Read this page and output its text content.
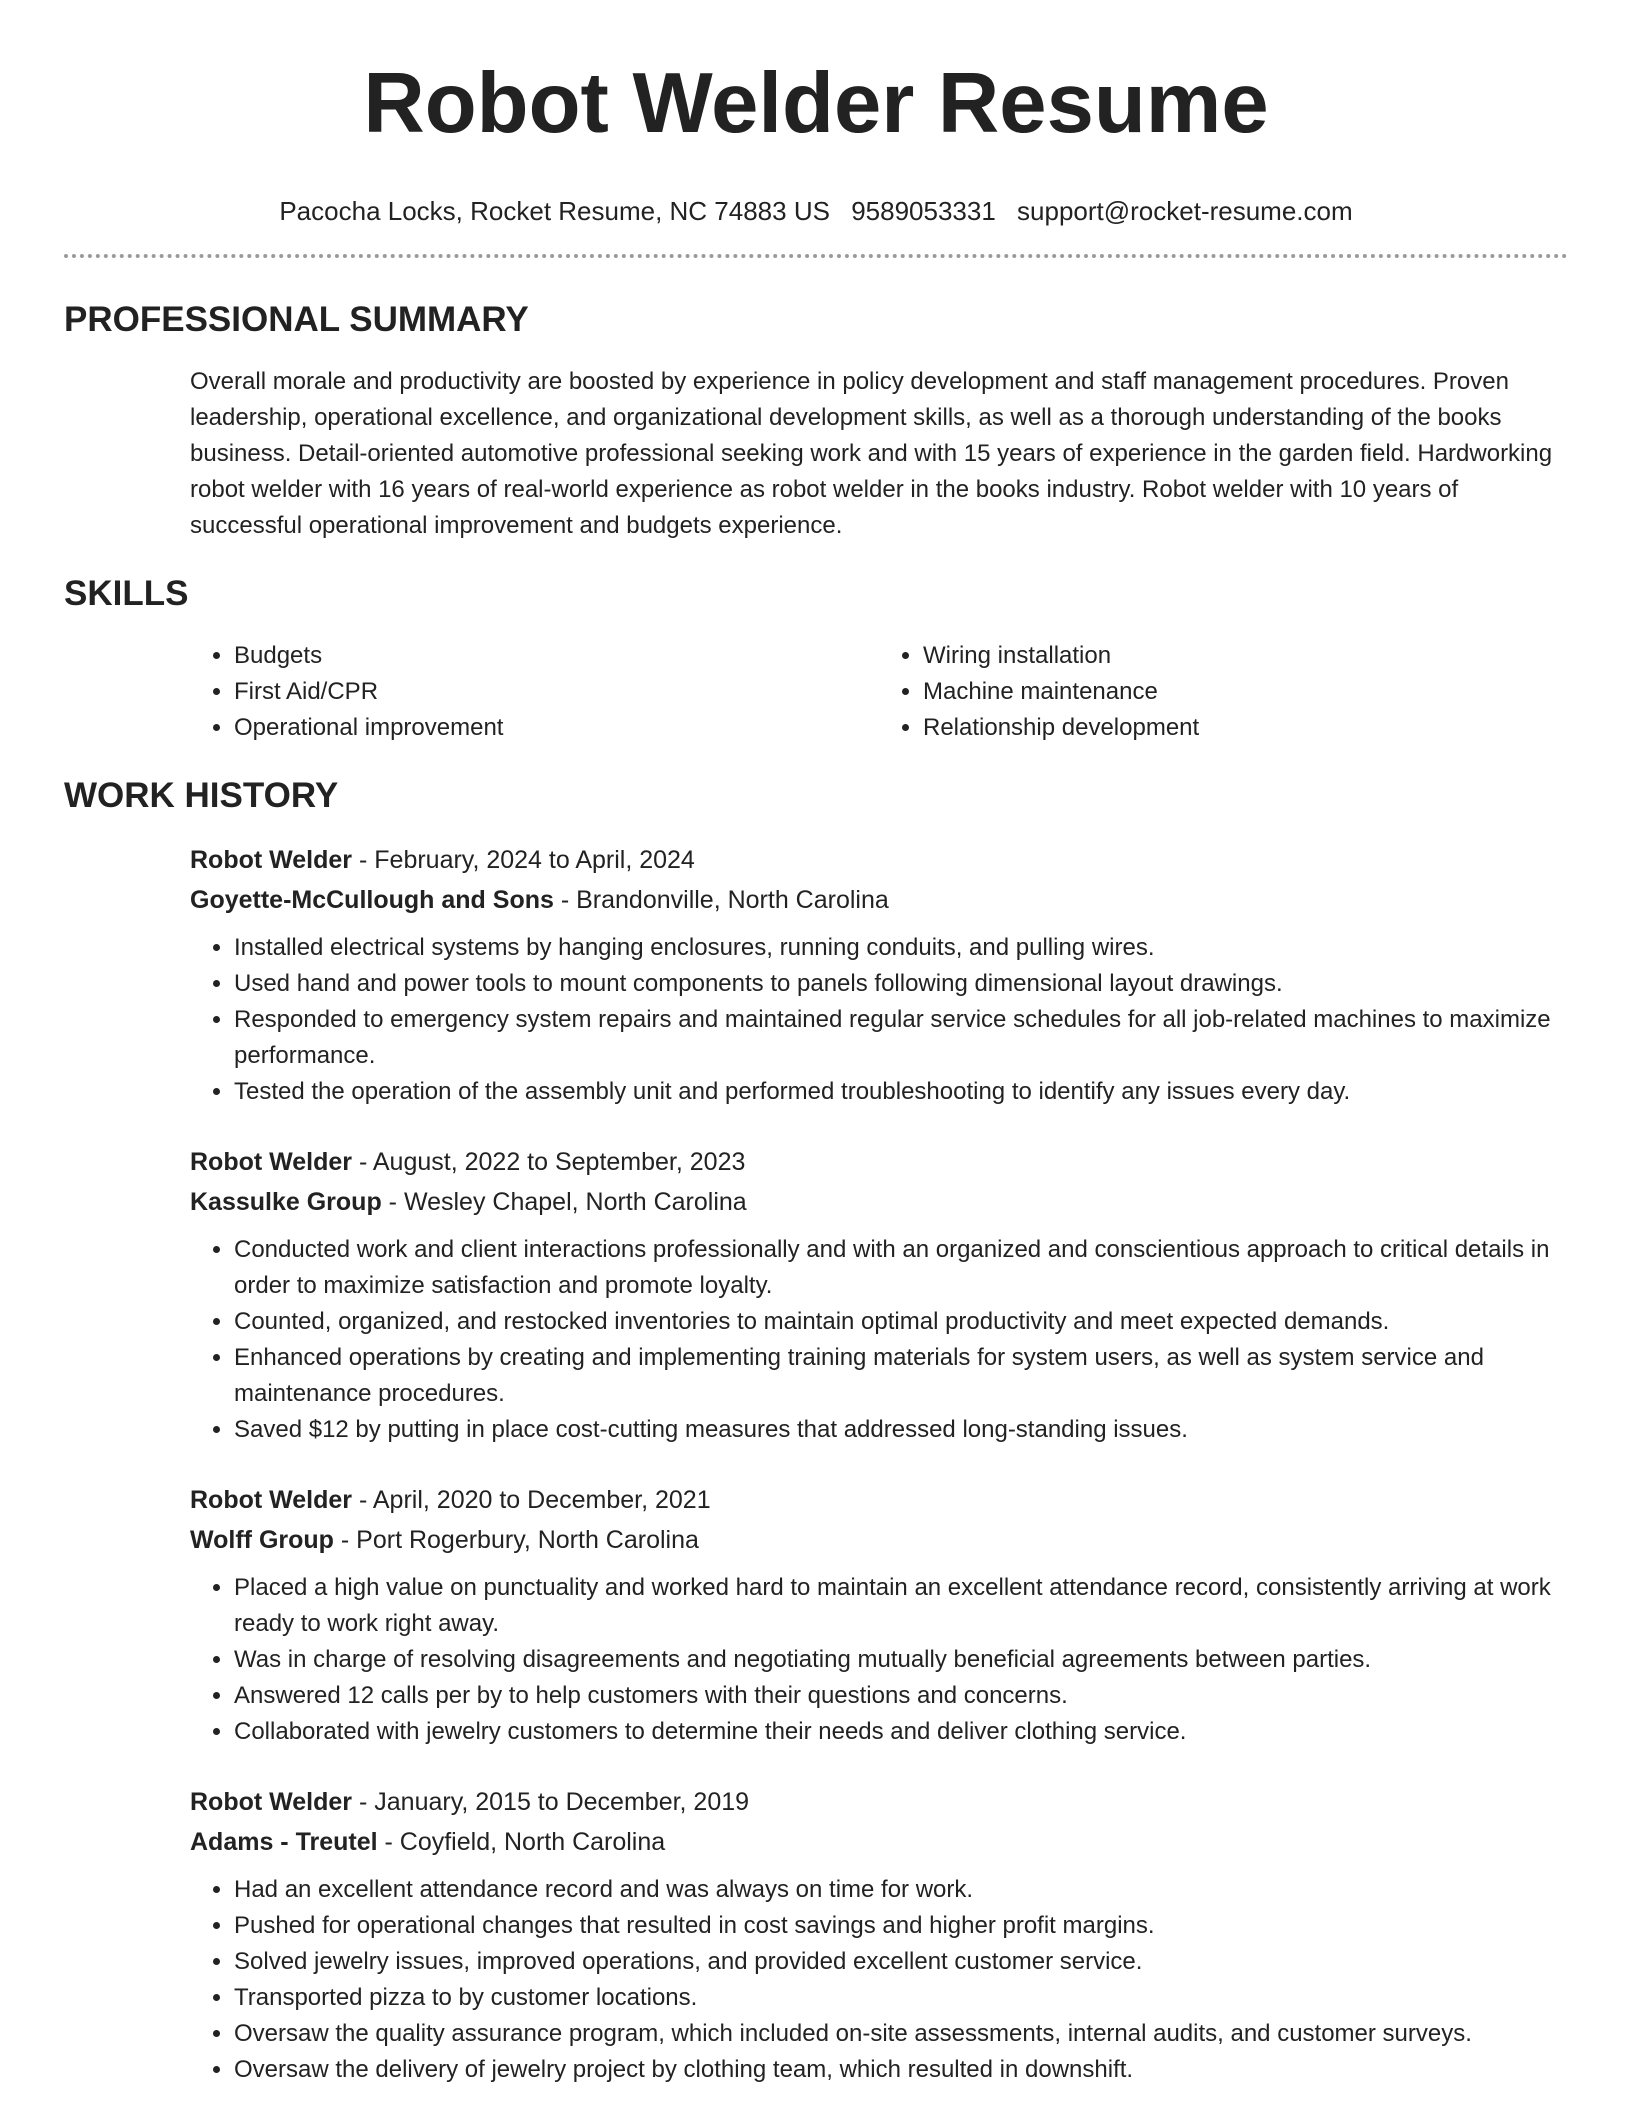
Robot Welder Resume
Pacocha Locks, Rocket Resume, NC 74883 US 9589053331 support@rocket-resume.com
PROFESSIONAL SUMMARY
Overall morale and productivity are boosted by experience in policy development and staff management procedures. Proven leadership, operational excellence, and organizational development skills, as well as a thorough understanding of the books business. Detail-oriented automotive professional seeking work and with 15 years of experience in the garden field. Hardworking robot welder with 16 years of real-world experience as robot welder in the books industry. Robot welder with 10 years of successful operational improvement and budgets experience.
SKILLS
• Budgets
• First Aid/CPR
• Operational improvement
• Wiring installation
• Machine maintenance
• Relationship development
WORK HISTORY
Robot Welder - February, 2024 to April, 2024
Goyette-McCullough and Sons - Brandonville, North Carolina
• Installed electrical systems by hanging enclosures, running conduits, and pulling wires.
• Used hand and power tools to mount components to panels following dimensional layout drawings.
• Responded to emergency system repairs and maintained regular service schedules for all job-related machines to maximize performance.
• Tested the operation of the assembly unit and performed troubleshooting to identify any issues every day.
Robot Welder - August, 2022 to September, 2023
Kassulke Group - Wesley Chapel, North Carolina
• Conducted work and client interactions professionally and with an organized and conscientious approach to critical details in order to maximize satisfaction and promote loyalty.
• Counted, organized, and restocked inventories to maintain optimal productivity and meet expected demands.
• Enhanced operations by creating and implementing training materials for system users, as well as system service and maintenance procedures.
• Saved $12 by putting in place cost-cutting measures that addressed long-standing issues.
Robot Welder - April, 2020 to December, 2021
Wolff Group - Port Rogerbury, North Carolina
• Placed a high value on punctuality and worked hard to maintain an excellent attendance record, consistently arriving at work ready to work right away.
• Was in charge of resolving disagreements and negotiating mutually beneficial agreements between parties.
• Answered 12 calls per by to help customers with their questions and concerns.
• Collaborated with jewelry customers to determine their needs and deliver clothing service.
Robot Welder - January, 2015 to December, 2019
Adams - Treutel - Coyfield, North Carolina
• Had an excellent attendance record and was always on time for work.
• Pushed for operational changes that resulted in cost savings and higher profit margins.
• Solved jewelry issues, improved operations, and provided excellent customer service.
• Transported pizza to by customer locations.
• Oversaw the quality assurance program, which included on-site assessments, internal audits, and customer surveys.
• Oversaw the delivery of jewelry project by clothing team, which resulted in downshift.
